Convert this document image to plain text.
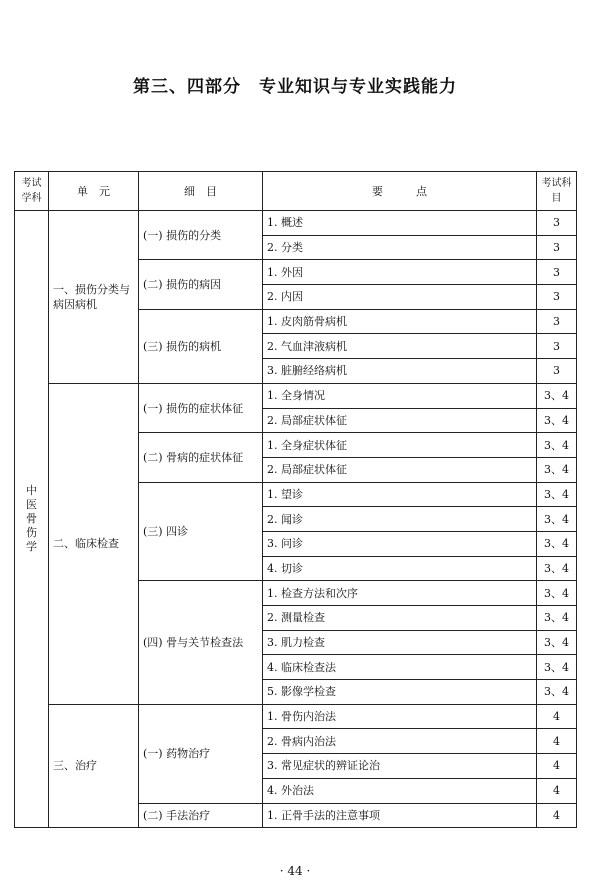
第三、四部分　专业知识与专业实践能力
考试学科	单　元	细　目	要　　　点	考试科目
中医骨伤学	一、损伤分类与病因病机	(一) 损伤的分类	1. 概述	3
			2. 分类	3
		(二) 损伤的病因	1. 外因	3
			2. 内因	3
		(三) 损伤的病机	1. 皮肉筋骨病机	3
			2. 气血津液病机	3
			3. 脏腑经络病机	3
	二、临床检查	(一) 损伤的症状体征	1. 全身情况	3、4
			2. 局部症状体征	3、4
		(二) 骨病的症状体征	1. 全身症状体征	3、4
			2. 局部症状体征	3、4
		(三) 四诊	1. 望诊	3、4
			2. 闻诊	3、4
			3. 问诊	3、4
			4. 切诊	3、4
		(四) 骨与关节检查法	1. 检查方法和次序	3、4
			2. 测量检查	3、4
			3. 肌力检查	3、4
			4. 临床检查法	3、4
			5. 影像学检查	3、4
	三、治疗	(一) 药物治疗	1. 骨伤内治法	4
			2. 骨病内治法	4
			3. 常见症状的辨证论治	4
			4. 外治法	4
		(二) 手法治疗	1. 正骨手法的注意事项	4
· 44 ·
